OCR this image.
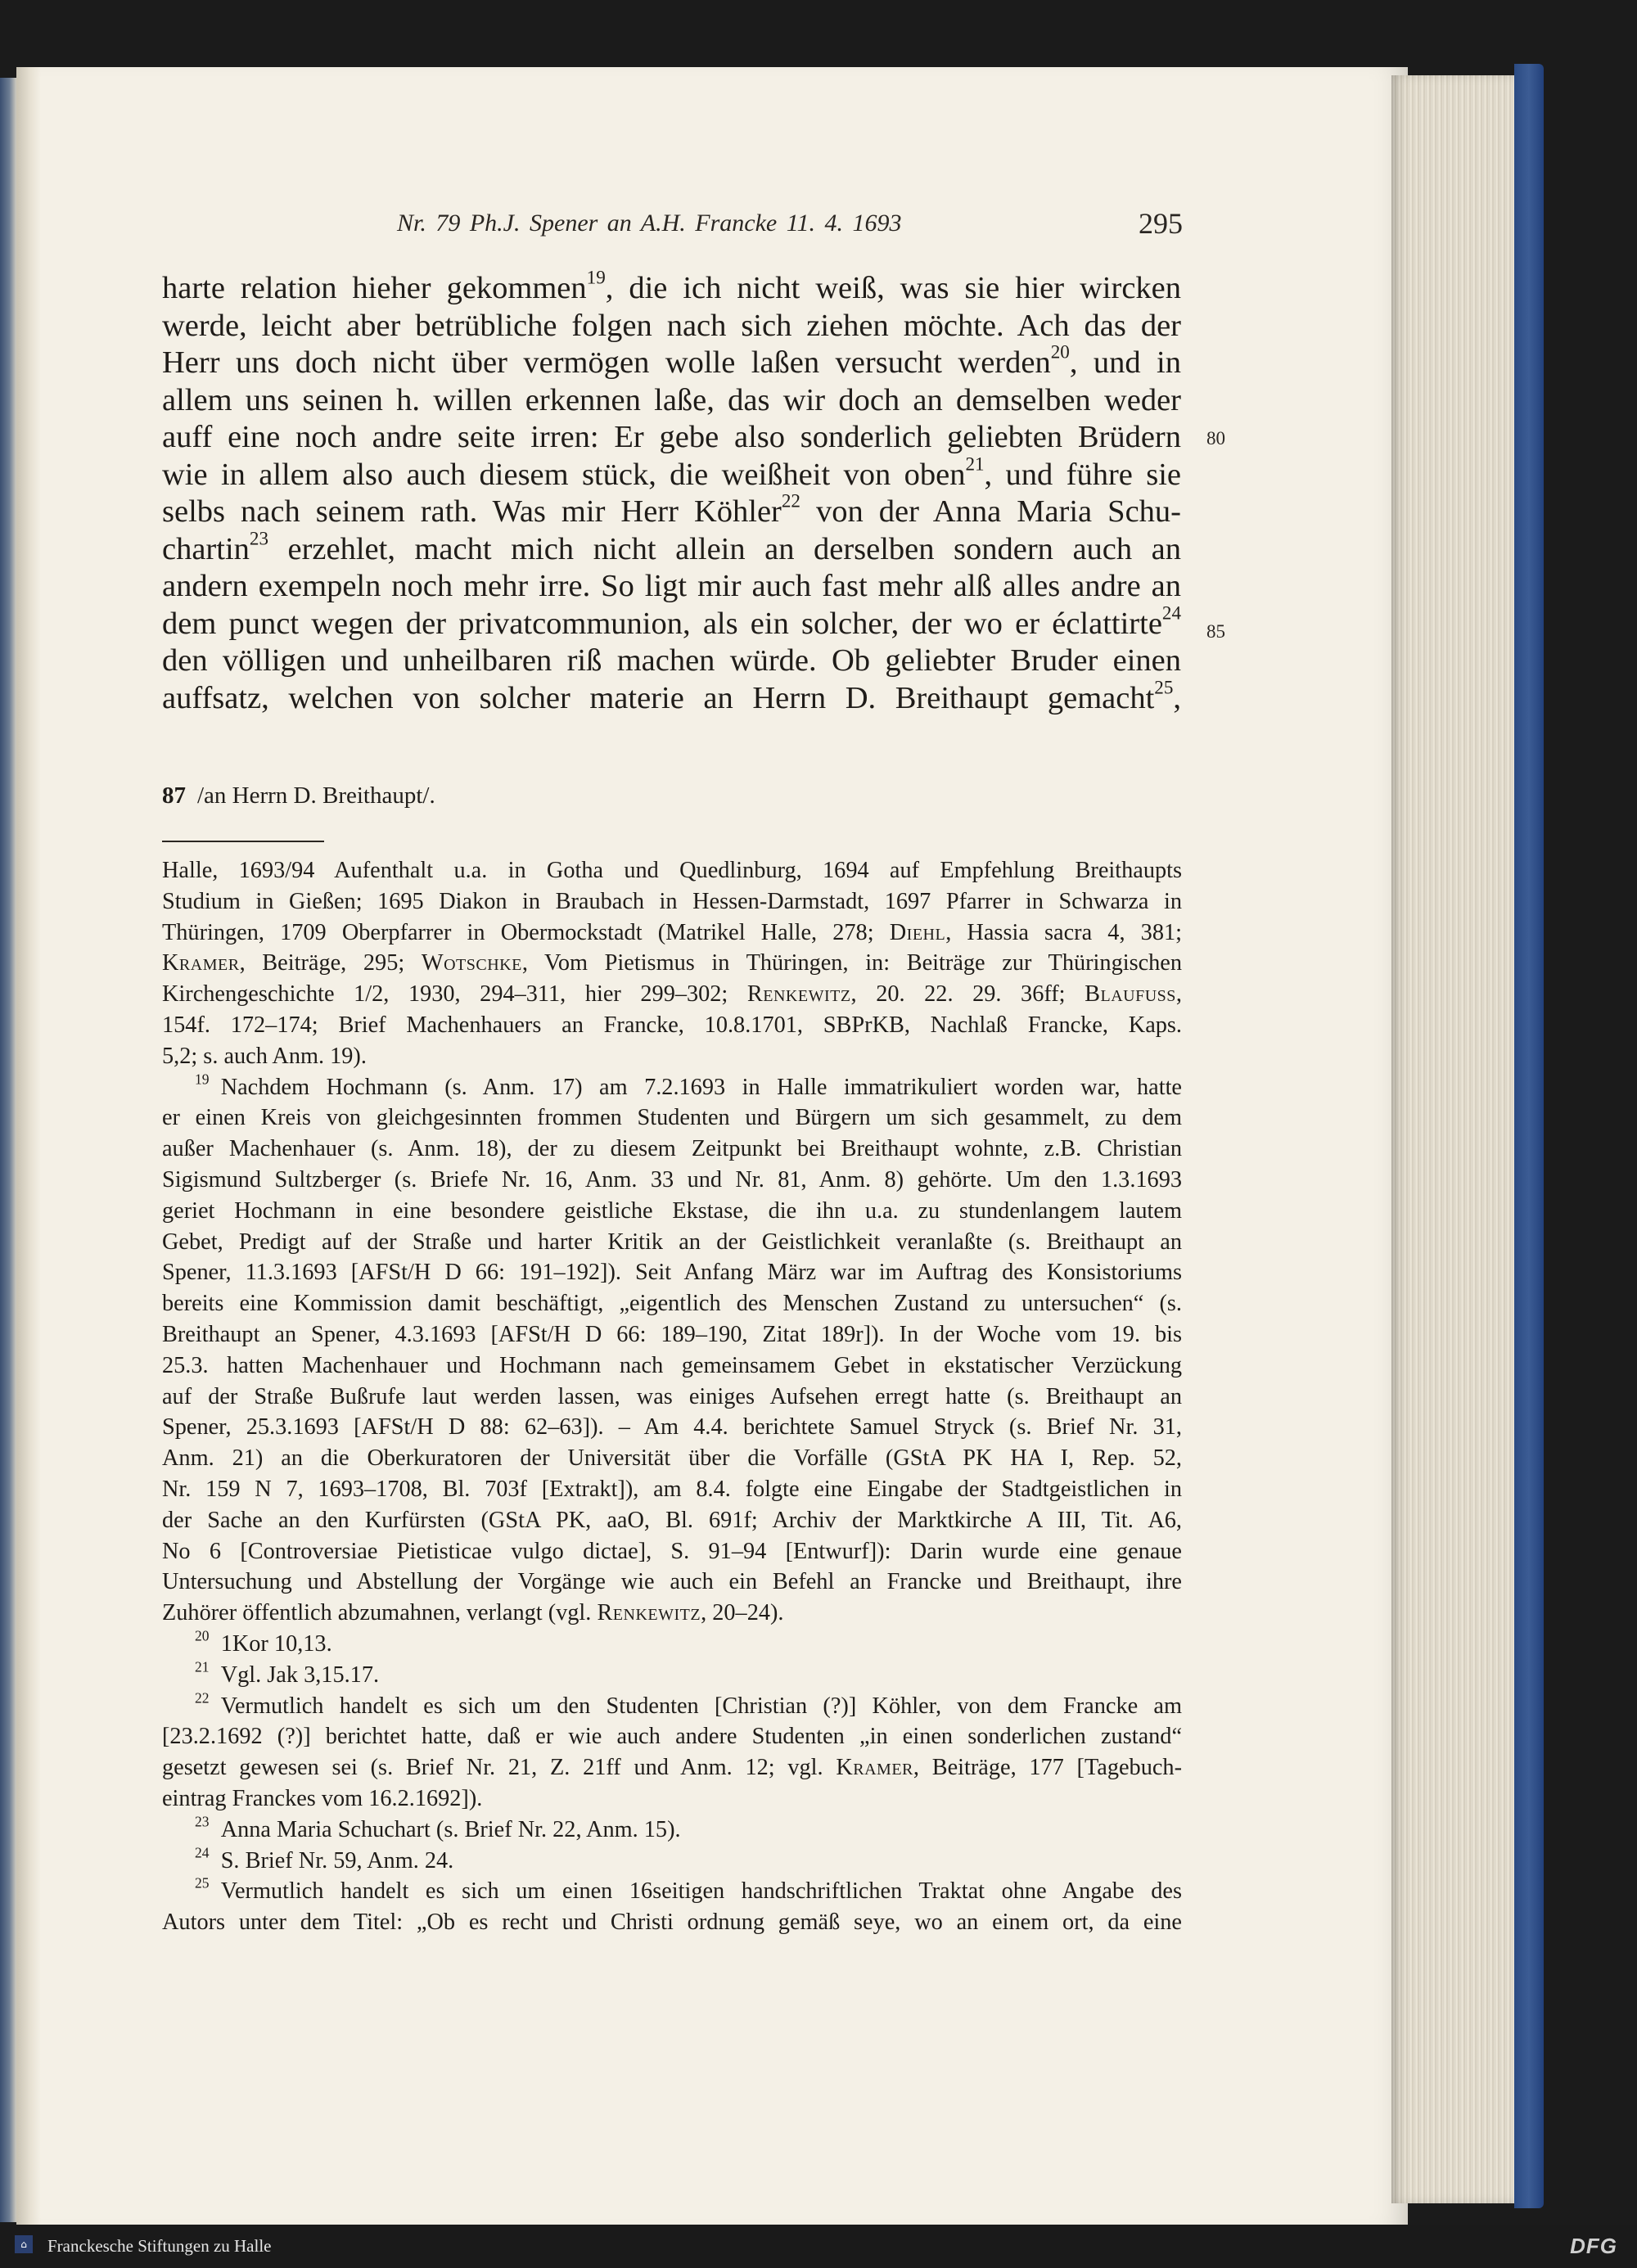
Nr. 79 Ph.J. Spener an A.H. Francke 11. 4. 1693	295
harte relation hieher gekommen$^{19}$, die ich nicht weiß, was sie hier wircken
werde, leicht aber betrübliche folgen nach sich ziehen möchte. Ach das der
Herr uns doch nicht über vermögen wolle laßen versucht werden$^{20}$, und in
allem uns seinen h. willen erkennen laße, das wir doch an demselben weder
auff eine noch andre seite irren: Er gebe also sonderlich geliebten Brüdern
wie in allem also auch diesem stück, die weißheit von oben$^{21}$, und führe sie
selbs nach seinem rath. Was mir Herr Köhler$^{22}$ von der Anna Maria Schu-
chartin$^{23}$ erzehlet, macht mich nicht allein an derselben sondern auch an
andern exempeln noch mehr irre. So ligt mir auch fast mehr alß alles andre an
dem punct wegen der privatcommunion, als ein solcher, der wo er éclattirte$^{24}$
den völligen und unheilbaren riß machen würde. Ob geliebter Bruder einen
auffsatz, welchen von solcher materie an Herrn D. Breithaupt gemacht$^{25}$,
80
85
87 /an Herrn D. Breithaupt/.
Halle, 1693/94 Aufenthalt u.a. in Gotha und Quedlinburg, 1694 auf Empfehlung Breithaupts
Studium in Gießen; 1695 Diakon in Braubach in Hessen-Darmstadt, 1697 Pfarrer in Schwarza in
Thüringen, 1709 Oberpfarrer in Obermockstadt (Matrikel Halle, 278; Diehl, Hassia sacra 4, 381;
Kramer, Beiträge, 295; Wotschke, Vom Pietismus in Thüringen, in: Beiträge zur Thüringischen
Kirchengeschichte 1/2, 1930, 294–311, hier 299–302; Renkewitz, 20. 22. 29. 36ff; Blaufuss,
154f. 172–174; Brief Machenhauers an Francke, 10.8.1701, SBPrKB, Nachlaß Francke, Kaps.
5,2; s. auch Anm. 19).
$^{19}$  Nachdem Hochmann (s. Anm. 17) am 7.2.1693 in Halle immatrikuliert worden war, hatte
er einen Kreis von gleichgesinnten frommen Studenten und Bürgern um sich gesammelt, zu dem
außer Machenhauer (s. Anm. 18), der zu diesem Zeitpunkt bei Breithaupt wohnte, z.B. Christian
Sigismund Sultzberger (s. Briefe Nr. 16, Anm. 33 und Nr. 81, Anm. 8) gehörte. Um den 1.3.1693
geriet Hochmann in eine besondere geistliche Ekstase, die ihn u.a. zu stundenlangem lautem
Gebet, Predigt auf der Straße und harter Kritik an der Geistlichkeit veranlaßte (s. Breithaupt an
Spener, 11.3.1693 [AFSt/H D 66: 191–192]). Seit Anfang März war im Auftrag des Konsistoriums
bereits eine Kommission damit beschäftigt, „eigentlich des Menschen Zustand zu untersuchen“ (s.
Breithaupt an Spener, 4.3.1693 [AFSt/H D 66: 189–190, Zitat 189r]). In der Woche vom 19. bis
25.3. hatten Machenhauer und Hochmann nach gemeinsamem Gebet in ekstatischer Verzückung
auf der Straße Bußrufe laut werden lassen, was einiges Aufsehen erregt hatte (s. Breithaupt an
Spener, 25.3.1693 [AFSt/H D 88: 62–63]). – Am 4.4. berichtete Samuel Stryck (s. Brief Nr. 31,
Anm. 21) an die Oberkuratoren der Universität über die Vorfälle (GStA PK HA I, Rep. 52,
Nr. 159 N 7, 1693–1708, Bl. 703f [Extrakt]), am 8.4. folgte eine Eingabe der Stadtgeistlichen in
der Sache an den Kurfürsten (GStA PK, aaO, Bl. 691f; Archiv der Marktkirche A III, Tit. A6,
No 6 [Controversiae Pietisticae vulgo dictae], S. 91–94 [Entwurf]): Darin wurde eine genaue
Untersuchung und Abstellung der Vorgänge wie auch ein Befehl an Francke und Breithaupt, ihre
Zuhörer öffentlich abzumahnen, verlangt (vgl. Renkewitz, 20–24).
$^{20}$  1Kor 10,13.
$^{21}$  Vgl. Jak 3,15.17.
$^{22}$  Vermutlich handelt es sich um den Studenten [Christian (?)] Köhler, von dem Francke am
[23.2.1692 (?)] berichtet hatte, daß er wie auch andere Studenten „in einen sonderlichen zustand“
gesetzt gewesen sei (s. Brief Nr. 21, Z. 21ff und Anm. 12; vgl. Kramer, Beiträge, 177 [Tagebuch-
eintrag Franckes vom 16.2.1692]).
$^{23}$  Anna Maria Schuchart (s. Brief Nr. 22, Anm. 15).
$^{24}$  S. Brief Nr. 59, Anm. 24.
$^{25}$  Vermutlich handelt es sich um einen 16seitigen handschriftlichen Traktat ohne Angabe des
Autors unter dem Titel: „Ob es recht und Christi ordnung gemäß seye, wo an einem ort, da eine
⌂	Franckesche Stiftungen zu Halle	DFG
